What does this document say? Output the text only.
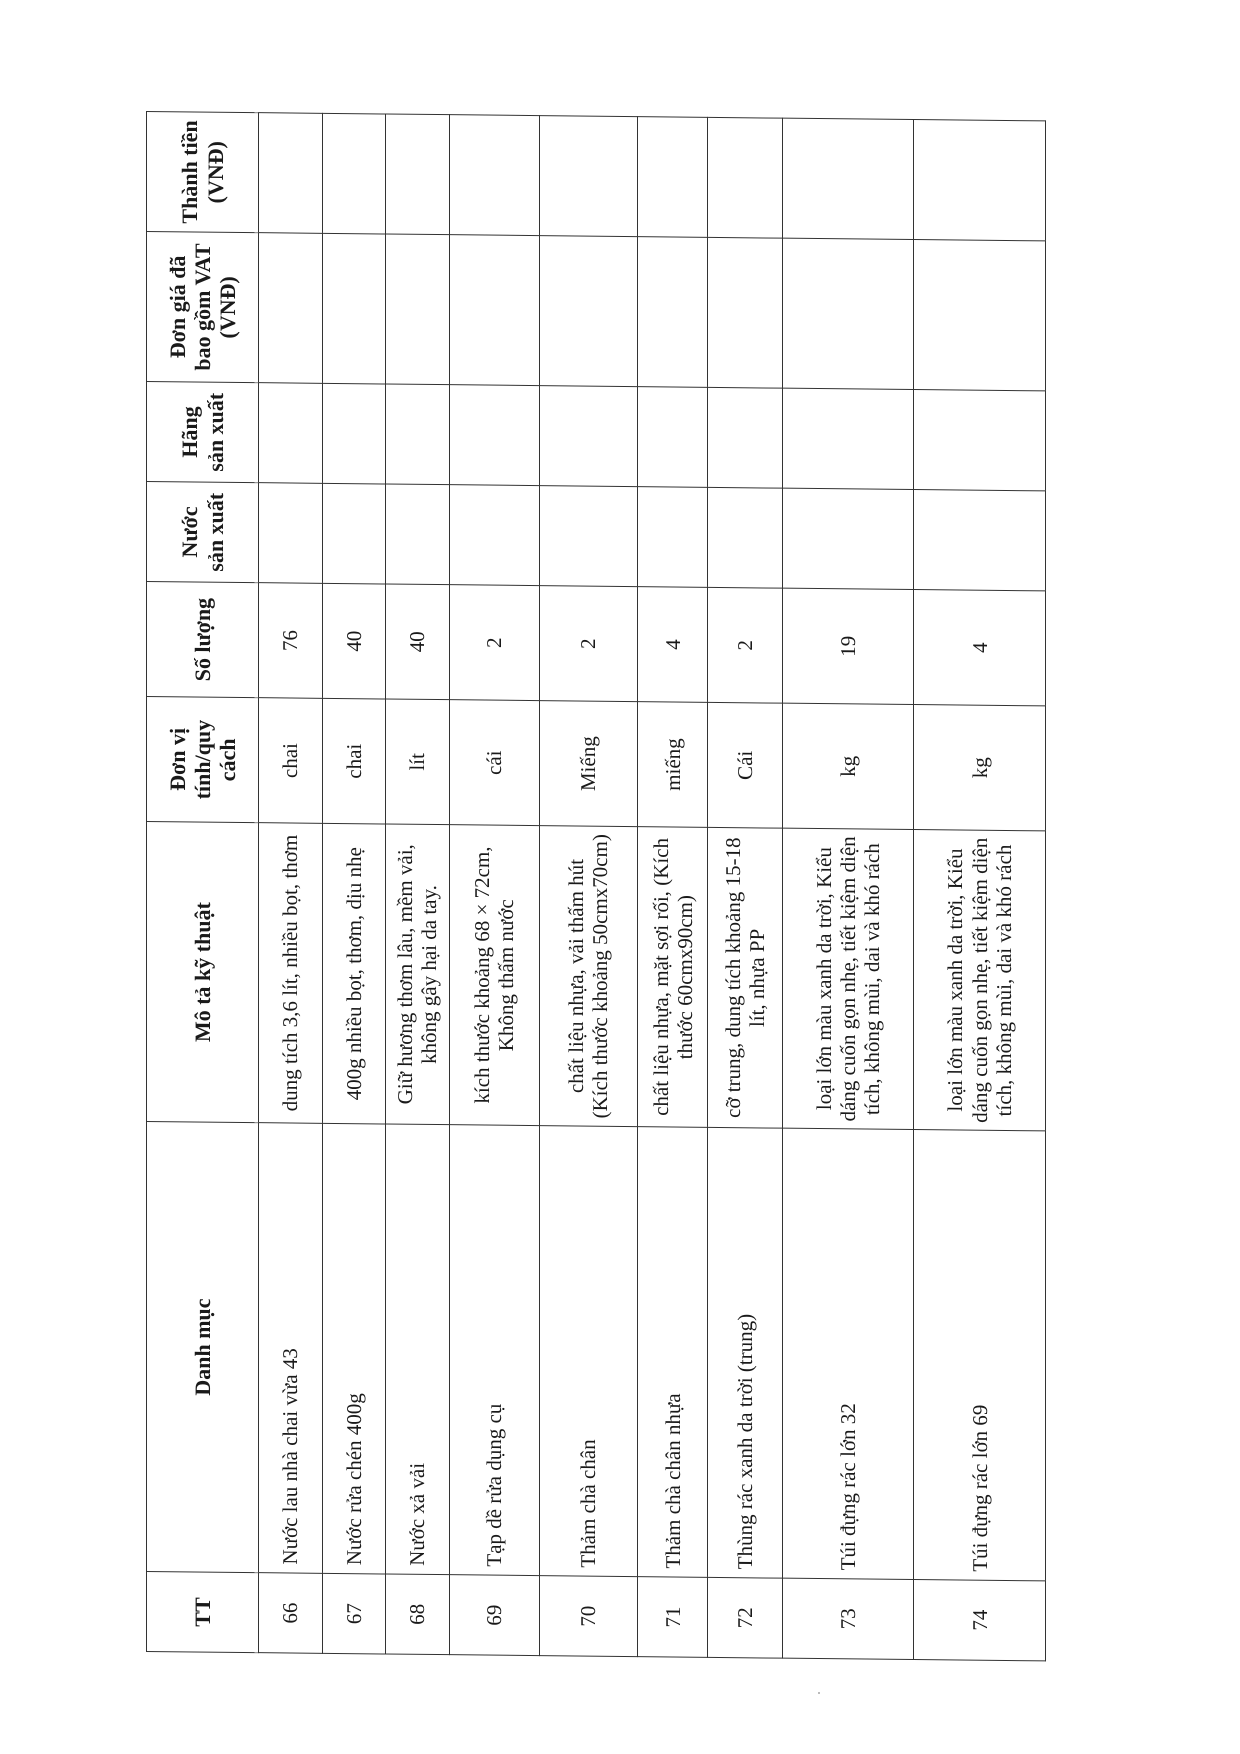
TT	Danh mục	Mô tả kỹ thuật	Đơn vị tính/quy cách	Số lượng	Nước sản xuất	Hãng sản xuất	Đơn giá đã bao gồm VAT (VNĐ)	Thành tiền (VNĐ)
66	Nước lau nhà chai vừa 43	dung tích 3,6 lít, nhiều bọt, thơm	chai	76				
67	Nước rửa chén 400g	400g nhiều bọt, thơm, dịu nhẹ	chai	40				
68	Nước xả vải	Giữ hương thơm lâu, mềm vải, không gây hại da tay.	lít	40				
69	Tạp dề rửa dụng cụ	kích thước khoảng 68 × 72cm, Không thấm nước	cái	2				
70	Thảm chà chân	chất liệu nhựa, vải thấm hút (Kích thước khoảng 50cmx70cm)	Miếng	2				
71	Thảm chà chân nhựa	chất liệu nhựa, mặt sợi rối, (Kích thước 60cmx90cm)	miếng	4				
72	Thùng rác xanh da trời (trung)	cỡ trung, dung tích khoảng 15-18 lít, nhựa PP	Cái	2				
73	Túi đựng rác lớn 32	loại lớn màu xanh da trời, Kiểu dáng cuốn gọn nhẹ, tiết kiệm diện tích, không mùi, dai và khó rách	kg	19				
74	Túi đựng rác lớn 69	loại lớn màu xanh da trời, Kiểu dáng cuốn gọn nhẹ, tiết kiệm diện tích, không mùi, dai và khó rách	kg	4				
